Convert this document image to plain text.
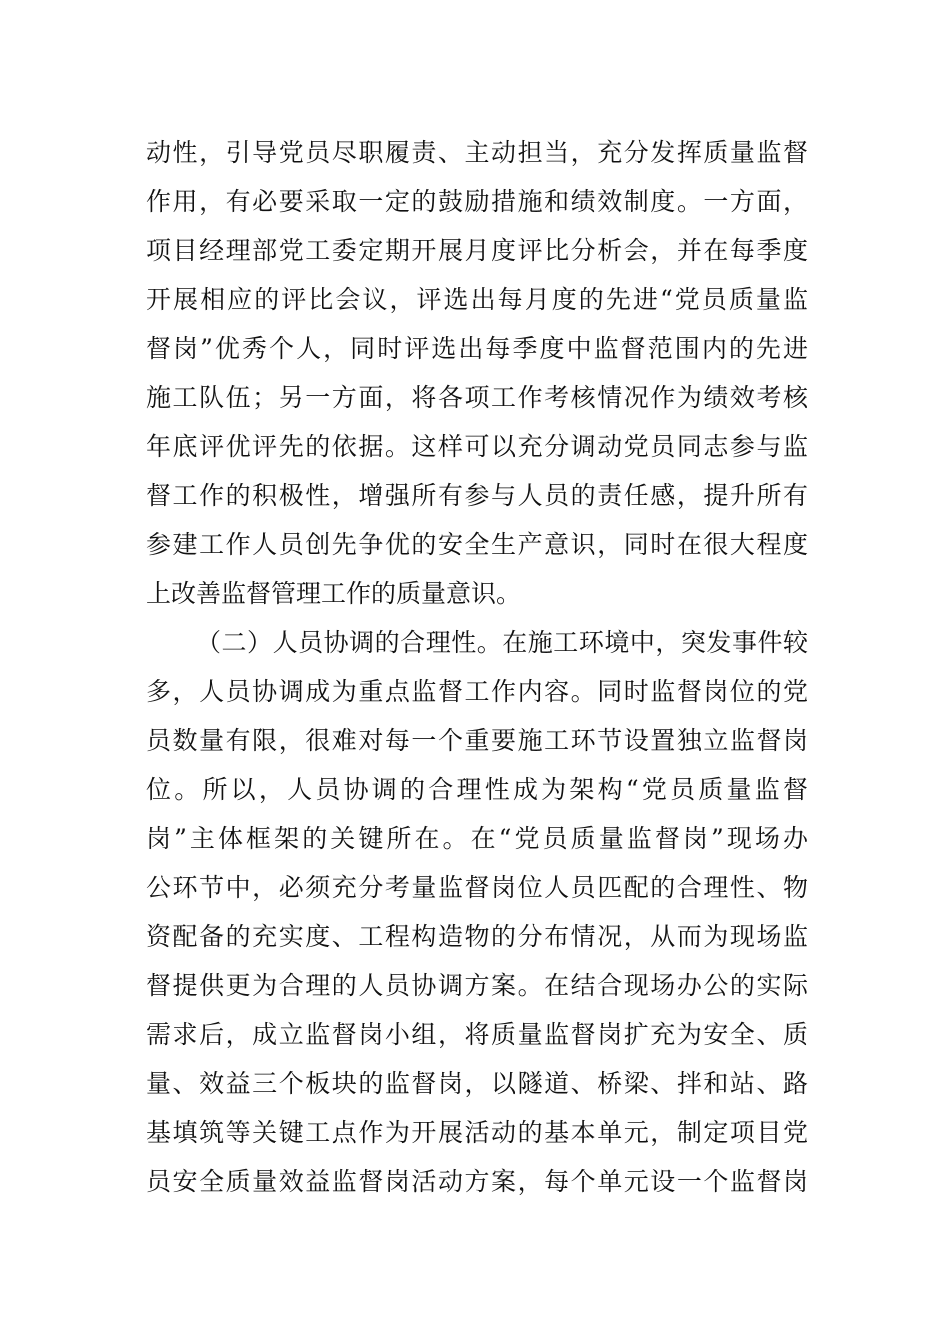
动性，引导党员尽职履责、主动担当，充分发挥质量监督
作用，有必要采取一定的鼓励措施和绩效制度。一方面，
项目经理部党工委定期开展月度评比分析会，并在每季度
开展相应的评比会议，评选出每月度的先进“党员质量监
督岗”优秀个人，同时评选出每季度中监督范围内的先进
施工队伍；另一方面，将各项工作考核情况作为绩效考核
年底评优评先的依据。这样可以充分调动党员同志参与监
督工作的积极性，增强所有参与人员的责任感，提升所有
参建工作人员创先争优的安全生产意识，同时在很大程度
上改善监督管理工作的质量意识。
（二）人员协调的合理性。在施工环境中，突发事件较
多，人员协调成为重点监督工作内容。同时监督岗位的党
员数量有限，很难对每一个重要施工环节设置独立监督岗
位。所以，人员协调的合理性成为架构“党员质量监督
岗”主体框架的关键所在。在“党员质量监督岗”现场办
公环节中，必须充分考量监督岗位人员匹配的合理性、物
资配备的充实度、工程构造物的分布情况，从而为现场监
督提供更为合理的人员协调方案。在结合现场办公的实际
需求后，成立监督岗小组，将质量监督岗扩充为安全、质
量、效益三个板块的监督岗，以隧道、桥梁、拌和站、路
基填筑等关键工点作为开展活动的基本单元，制定项目党
员安全质量效益监督岗活动方案，每个单元设一个监督岗
